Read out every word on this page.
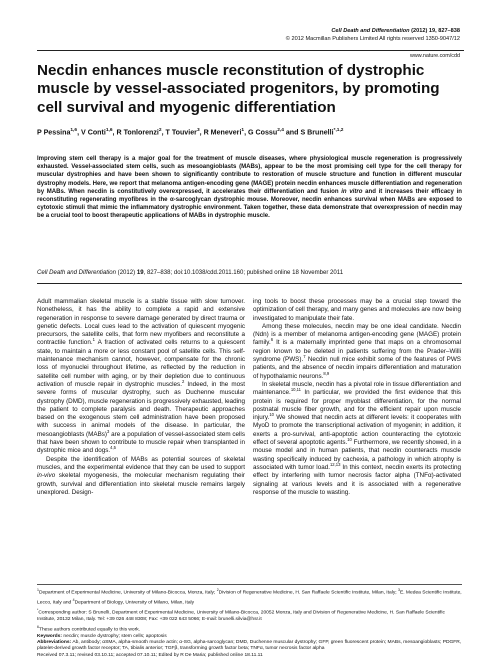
Cell Death and Differentiation (2012) 19, 827–838
© 2012 Macmillan Publishers Limited All rights reserved 1350-9047/12
www.nature.com/cdd
Necdin enhances muscle reconstitution of dystrophic muscle by vessel-associated progenitors, by promoting cell survival and myogenic differentiation
P Pessina$^{1,6}$, V Conti$^{1,6}$, R Tonlorenzi$^2$, T Touvier$^3$, R Meneveri$^1$, G Cossu$^{2,4}$ and S Brunelli$^{*,1,2}$

Improving stem cell therapy is a major goal for the treatment of muscle diseases, where physiological muscle regeneration is progressively exhausted. Vessel-associated stem cells, such as mesoangioblasts (MABs), appear to be the most promising cell type for the cell therapy for muscular dystrophies and have been shown to significantly contribute to restoration of muscle structure and function in different muscular dystrophy models. Here, we report that melanoma antigen-encoding gene (MAGE) protein necdin enhances muscle differentiation and regeneration by MABs. When necdin is constitutively overexpressed, it accelerates their differentiation and fusion in vitro and it increases their efficacy in reconstituting regenerating myofibres in the α-sarcoglycan dystrophic mouse. Moreover, necdin enhances survival when MABs are exposed to cytotoxic stimuli that mimic the inflammatory dystrophic environment. Taken together, these data demonstrate that overexpression of necdin may be a crucial tool to boost therapeutic applications of MABs in dystrophic muscle.

Cell Death and Differentiation (2012) 19, 827–838; doi:10.1038/cdd.2011.160; published online 18 November 2011

Adult mammalian skeletal muscle is a stable tissue with slow turnover. Nonetheless, it has the ability to complete a rapid and extensive regeneration in response to severe damage generated by direct trauma or genetic defects. Local cues lead to the activation of quiescent myogenic precursors, the satellite cells, that form new myofibers and reconstitute a contractile function.$^1$ A fraction of activated cells returns to a quiescent state, to maintain a more or less constant pool of satellite cells. This self-maintenance mechanism cannot, however, compensate for the chronic loss of myonuclei throughout lifetime, as reflected by the reduction in satellite cell number with aging, or by their depletion due to continuous activation of muscle repair in dystrophic muscles.$^2$ Indeed, in the most severe forms of muscular dystrophy, such as Duchenne muscular dystrophy (DMD), muscle regeneration is progressively exhausted, leading the patient to complete paralysis and death. Therapeutic approaches based on the exogenous stem cell administration have been proposed with success in animal models of the disease. In particular, the mesoangioblasts (MABs)$^3$ are a population of vessel-associated stem cells that have been shown to contribute to muscle repair when transplanted in dystrophic mice and dogs.$^{4,5}$

Despite the identification of MABs as potential sources of skeletal muscles, and the experimental evidence that they can be used to support in-vivo skeletal myogenesis, the molecular mechanism regulating their growth, survival and differentiation into skeletal muscle remains largely unexplored. Design-

ing tools to boost these processes may be a crucial step toward the optimization of cell therapy, and many genes and molecules are now being investigated to manipulate their fate.

Among these molecules, necdin may be one ideal candidate. Necdin (Ndn) is a member of melanoma antigen-encoding gene (MAGE) protein family.$^6$ It is a maternally imprinted gene that maps on a chromosomal region known to be deleted in patients suffering from the Prader–Willi syndrome (PWS).$^7$ Necdin null mice exhibit some of the features of PWS patients, and the absence of necdin impairs differentiation and maturation of hypothalamic neurons.$^{8,9}$

In skeletal muscle, necdin has a pivotal role in tissue differentiation and maintenance.$^{10,11}$ In particular, we provided the first evidence that this protein is required for proper myoblast differentiation, for the normal postnatal muscle fiber growth, and for the efficient repair upon muscle injury.$^{10}$ We showed that necdin acts at different levels: it cooperates with MyoD to promote the transcriptional activation of myogenin; in addition, it exerts a pro-survival, anti-apoptotic action counteracting the cytotoxic effect of several apoptotic agents.$^{10}$ Furthermore, we recently showed, in a mouse model and in human patients, that necdin counteracts muscle wasting specifically induced by cachexia, a pathology in which atrophy is associated with tumor load.$^{12,13}$ In this context, necdin exerts its protecting effect by interfering with tumor necrosis factor alpha (TNFα)-activated signaling at various levels and it is associated with a regenerative response of the muscle to wasting.

$^1$Department of Experimental Medicine, University of Milano-Bicocca, Monza, Italy; $^2$Division of Regenerative Medicine, H. San Raffaele Scientific Institute, Milan, Italy; $^3$E. Medea Scientific Institute, Lecco, Italy and $^4$Department of Biology, University of Milano, Milan, Italy
*Corresponding author: S Brunelli, Department of Experimental Medicine, University of Milano-Bicocca, 20052 Monza, Italy and Division of Regenerative Medicine, H. San Raffaele Scientific Institute, 20132 Milan, Italy. Tel: +39 026 448 8308; Fax: +39 022 643 5066; E-mail: brunelli.silvia@hsr.it
$^6$These authors contributed equally to this work.
Keywords: necdin; muscle dystrophy; stem cells; apoptosis
Abbreviations: Ab, antibody; αSMA, alpha-smooth muscle actin; α-SG, alpha-sarcoglycan; DMD, Duchenne muscular dystrophy; GFP, green fluorescent protein; MABs, mesoangioblasts; PDGFR, platelet-derived growth factor receptor; TA, tibialis anterior; TGFβ, transforming growth factor beta; TNFα, tumor necrosis factor alpha
Received 07.3.11; revised 03.10.11; accepted 07.10.11; Edited by R De Maria; published online 18.11.11
